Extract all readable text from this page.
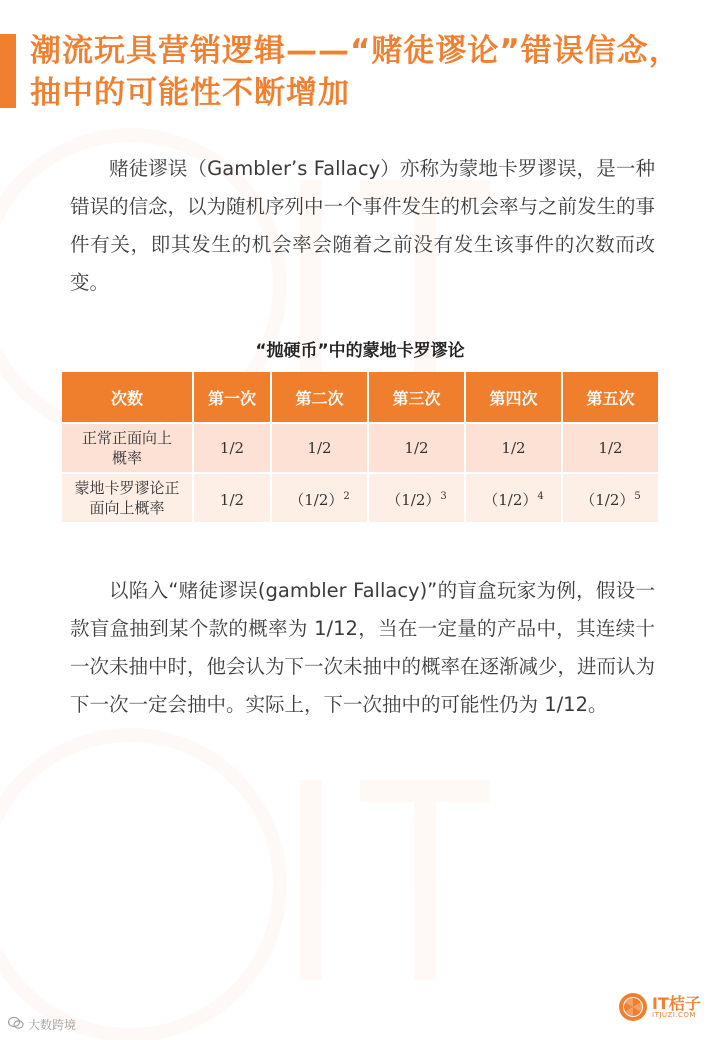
潮流玩具营销逻辑——“赌徒谬论”错误信念，抽中的可能性不断增加
赌徒谬误（Gambler’s Fallacy）亦称为蒙地卡罗谬误，是一种错误的信念，以为随机序列中一个事件发生的机会率与之前发生的事件有关，即其发生的机会率会随着之前没有发生该事件的次数而改变。
“抛硬币”中的蒙地卡罗谬论
次数	第一次	第二次	第三次	第四次	第五次

正常正面向上概率	1/2	1/2	1/2	1/2	1/2

蒙地卡罗谬论正面向上概率	1/2	$(1/2)^2$	$(1/2)^3$	$(1/2)^4$	$(1/2)^5$
以陷入“赌徒谬误(gambler Fallacy)”的盲盒玩家为例，假设一款盲盒抽到某个款的概率为 1/12，当在一定量的产品中，其连续十一次未抽中时，他会认为下一次未抽中的概率在逐渐减少，进而认为下一次一定会抽中。实际上，下一次抽中的可能性仍为 1/12。
大数跨境
IT桔子
ITJUZI.COM
